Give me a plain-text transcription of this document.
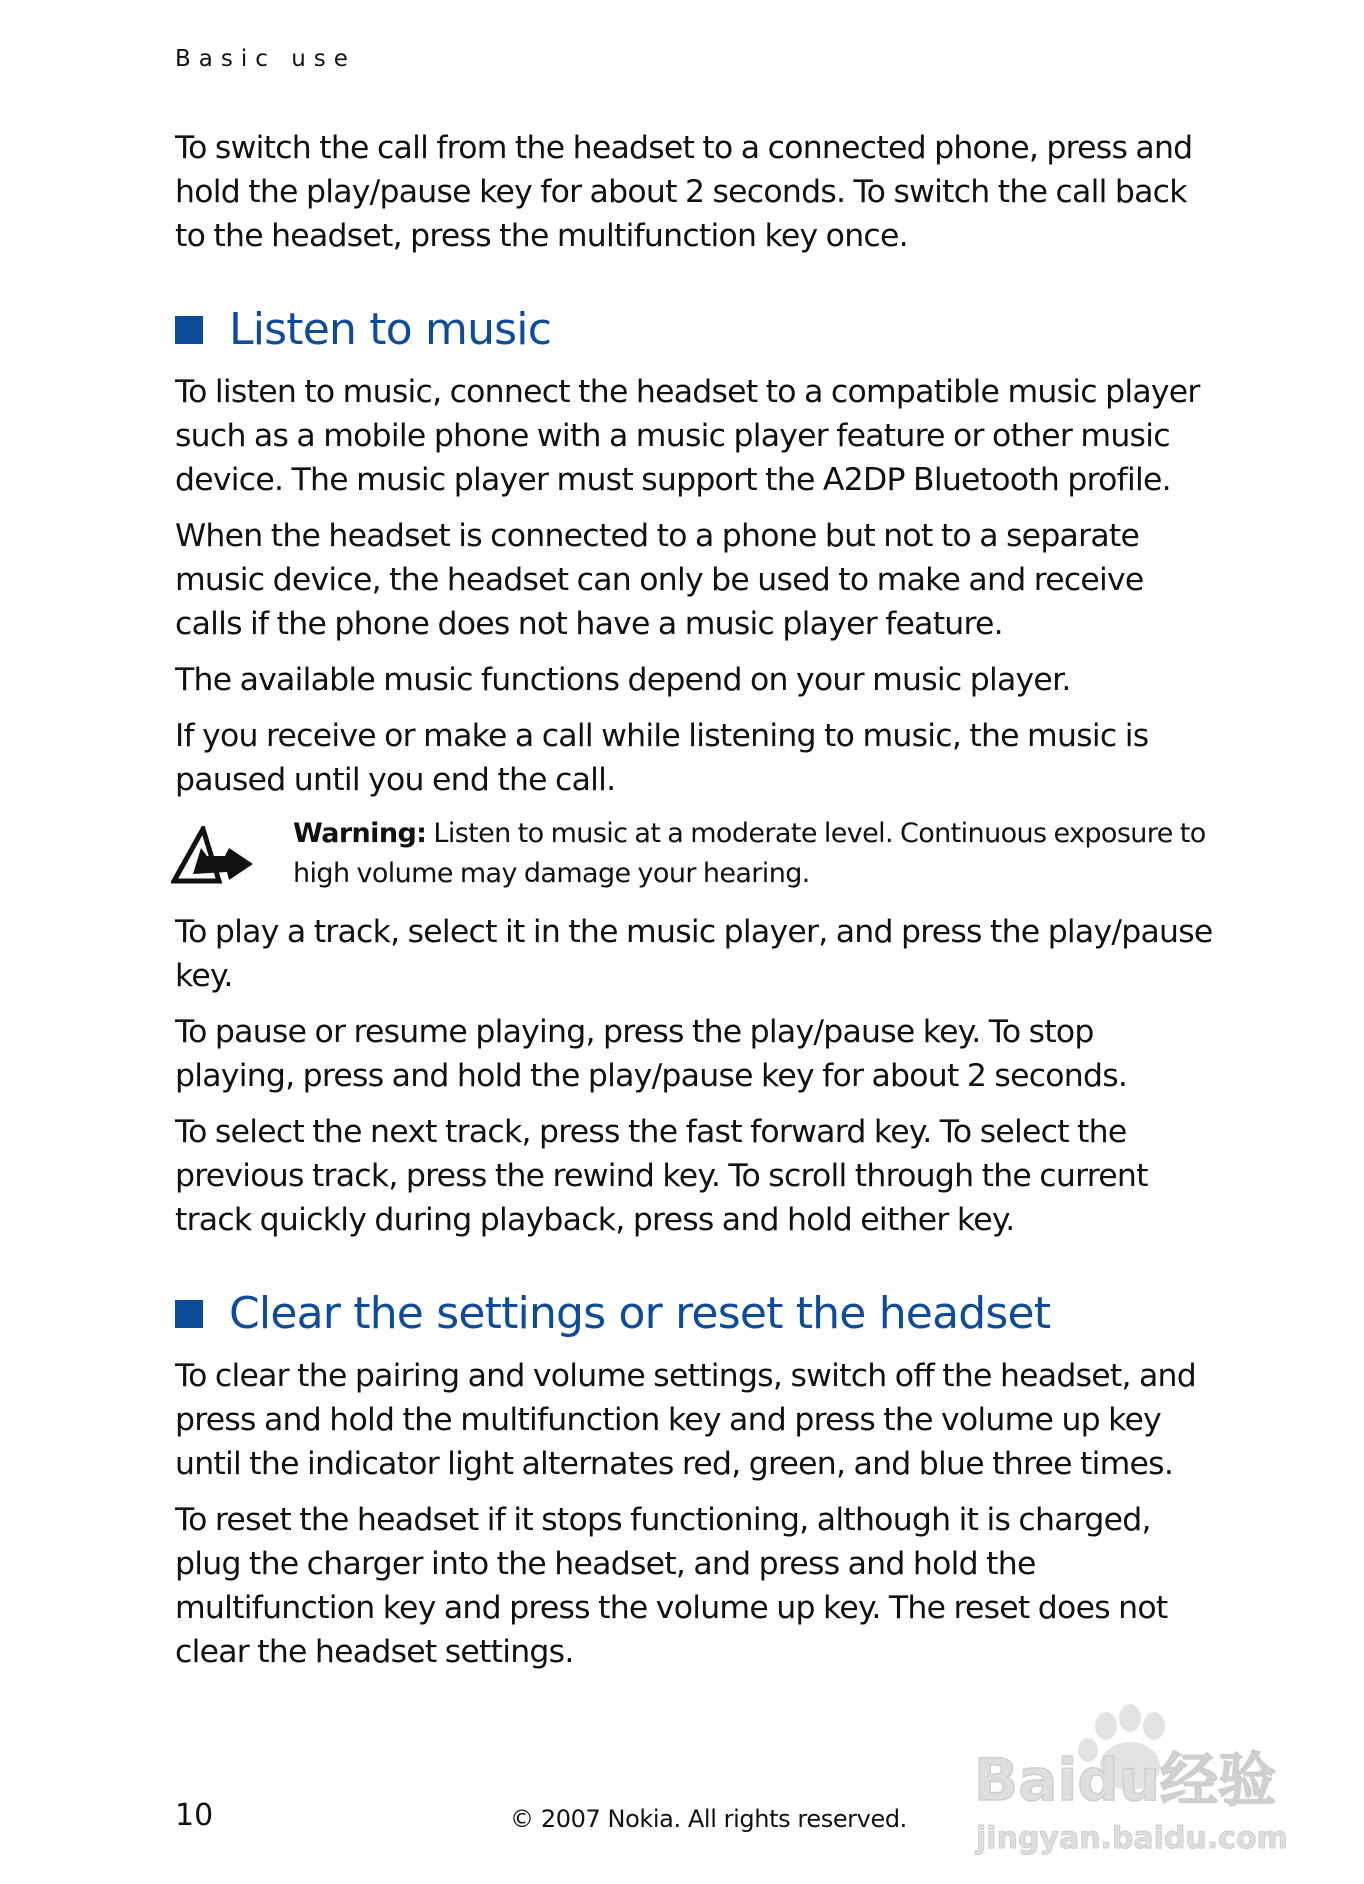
Basic use

To switch the call from the headset to a connected phone, press and hold the play/pause key for about 2 seconds. To switch the call back to the headset, press the multifunction key once.

Listen to music

To listen to music, connect the headset to a compatible music player such as a mobile phone with a music player feature or other music device. The music player must support the A2DP Bluetooth profile.

When the headset is connected to a phone but not to a separate music device, the headset can only be used to make and receive calls if the phone does not have a music player feature.

The available music functions depend on your music player.

If you receive or make a call while listening to music, the music is paused until you end the call.

Warning: Listen to music at a moderate level. Continuous exposure to high volume may damage your hearing.

To play a track, select it in the music player, and press the play/pause key.

To pause or resume playing, press the play/pause key. To stop playing, press and hold the play/pause key for about 2 seconds.

To select the next track, press the fast forward key. To select the previous track, press the rewind key. To scroll through the current track quickly during playback, press and hold either key.

Clear the settings or reset the headset

To clear the pairing and volume settings, switch off the headset, and press and hold the multifunction key and press the volume up key until the indicator light alternates red, green, and blue three times.

To reset the headset if it stops functioning, although it is charged, plug the charger into the headset, and press and hold the multifunction key and press the volume up key. The reset does not clear the headset settings.

10	© 2007 Nokia. All rights reserved.
Baidu经验
jingyan.baidu.com
